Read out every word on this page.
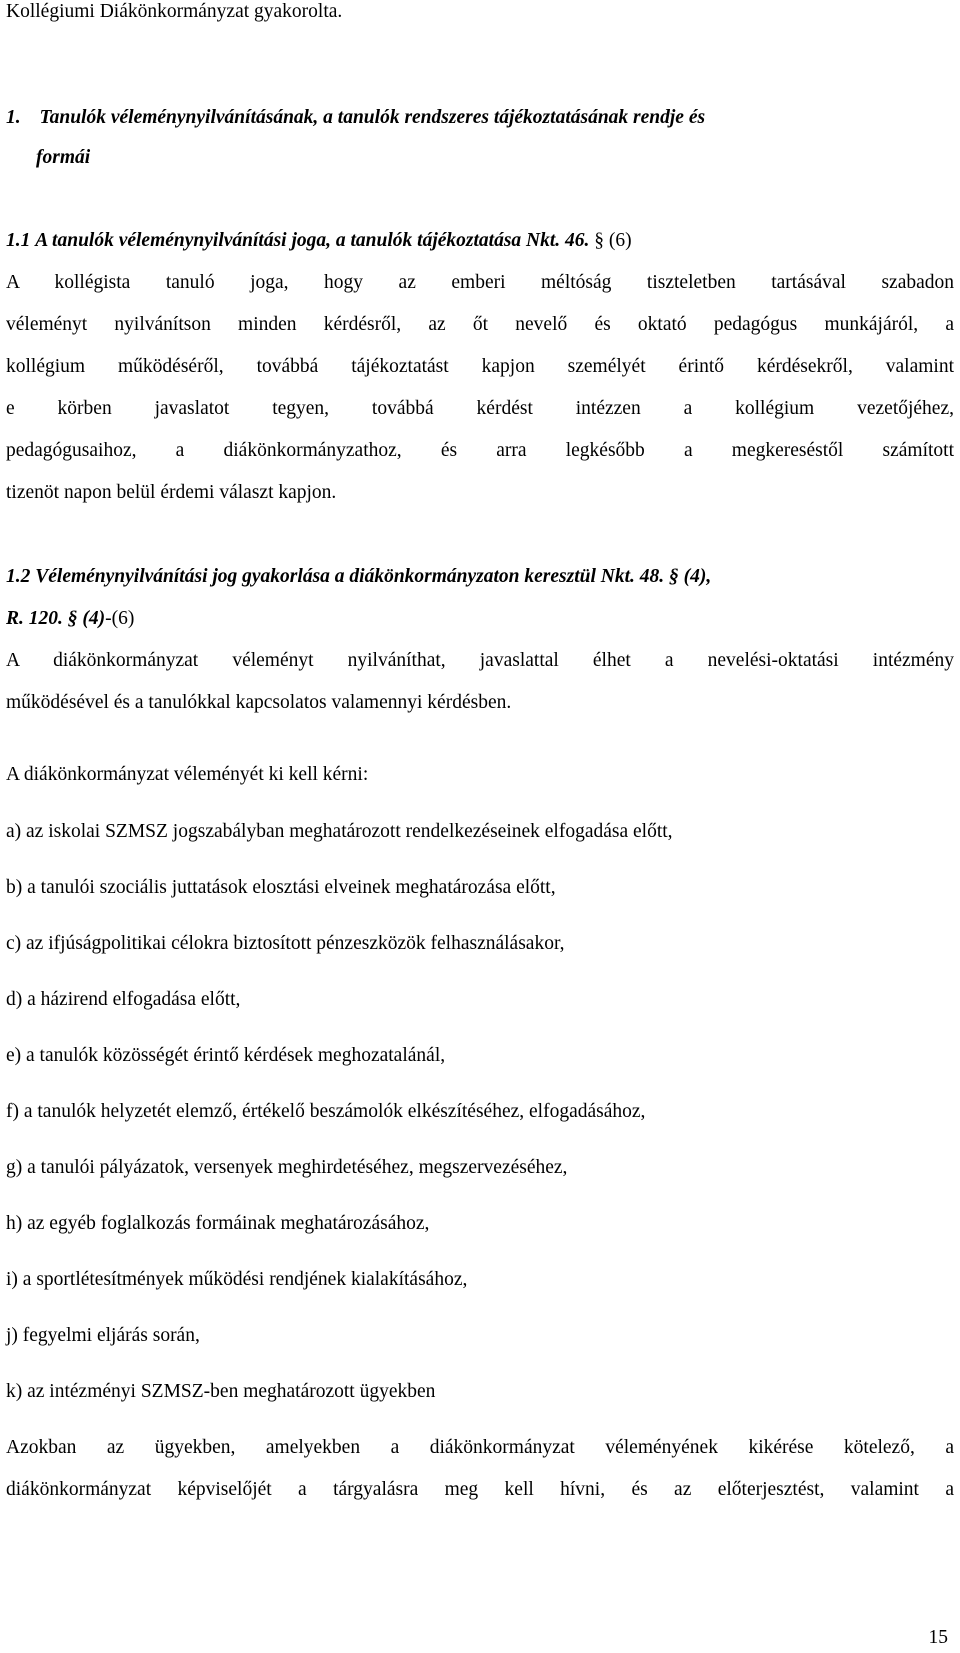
Kollégiumi Diákönkormányzat gyakorolta.
1. Tanulók véleménynyilvánításának, a tanulók rendszeres tájékoztatásának rendje és
formái
1.1 A tanulók véleménynyilvánítási joga, a tanulók tájékoztatása Nkt. 46. § (6)
A kollégista tanuló joga, hogy az emberi méltóság tiszteletben tartásával szabadon
véleményt nyilvánítson minden kérdésről, az őt nevelő és oktató pedagógus munkájáról, a
kollégium működéséről, továbbá tájékoztatást kapjon személyét érintő kérdésekről, valamint
e körben javaslatot tegyen, továbbá kérdést intézzen a kollégium vezetőjéhez,
pedagógusaihoz, a diákönkormányzathoz, és arra legkésőbb a megkereséstől számított
tizenöt napon belül érdemi választ kapjon.
1.2 Véleménynyilvánítási jog gyakorlása a diákönkormányzaton keresztül Nkt. 48. § (4),
R. 120. § (4)-(6)
A diákönkormányzat véleményt nyilváníthat, javaslattal élhet a nevelési-oktatási intézmény
működésével és a tanulókkal kapcsolatos valamennyi kérdésben.
A diákönkormányzat véleményét ki kell kérni:
a) az iskolai SZMSZ jogszabályban meghatározott rendelkezéseinek elfogadása előtt,
b) a tanulói szociális juttatások elosztási elveinek meghatározása előtt,
c) az ifjúságpolitikai célokra biztosított pénzeszközök felhasználásakor,
d) a házirend elfogadása előtt,
e) a tanulók közösségét érintő kérdések meghozatalánál,
f) a tanulók helyzetét elemző, értékelő beszámolók elkészítéséhez, elfogadásához,
g) a tanulói pályázatok, versenyek meghirdetéséhez, megszervezéséhez,
h) az egyéb foglalkozás formáinak meghatározásához,
i) a sportlétesítmények működési rendjének kialakításához,
j) fegyelmi eljárás során,
k) az intézményi SZMSZ-ben meghatározott ügyekben
Azokban az ügyekben, amelyekben a diákönkormányzat véleményének kikérése kötelező, a
diákönkormányzat képviselőjét a tárgyalásra meg kell hívni, és az előterjesztést, valamint a
15
